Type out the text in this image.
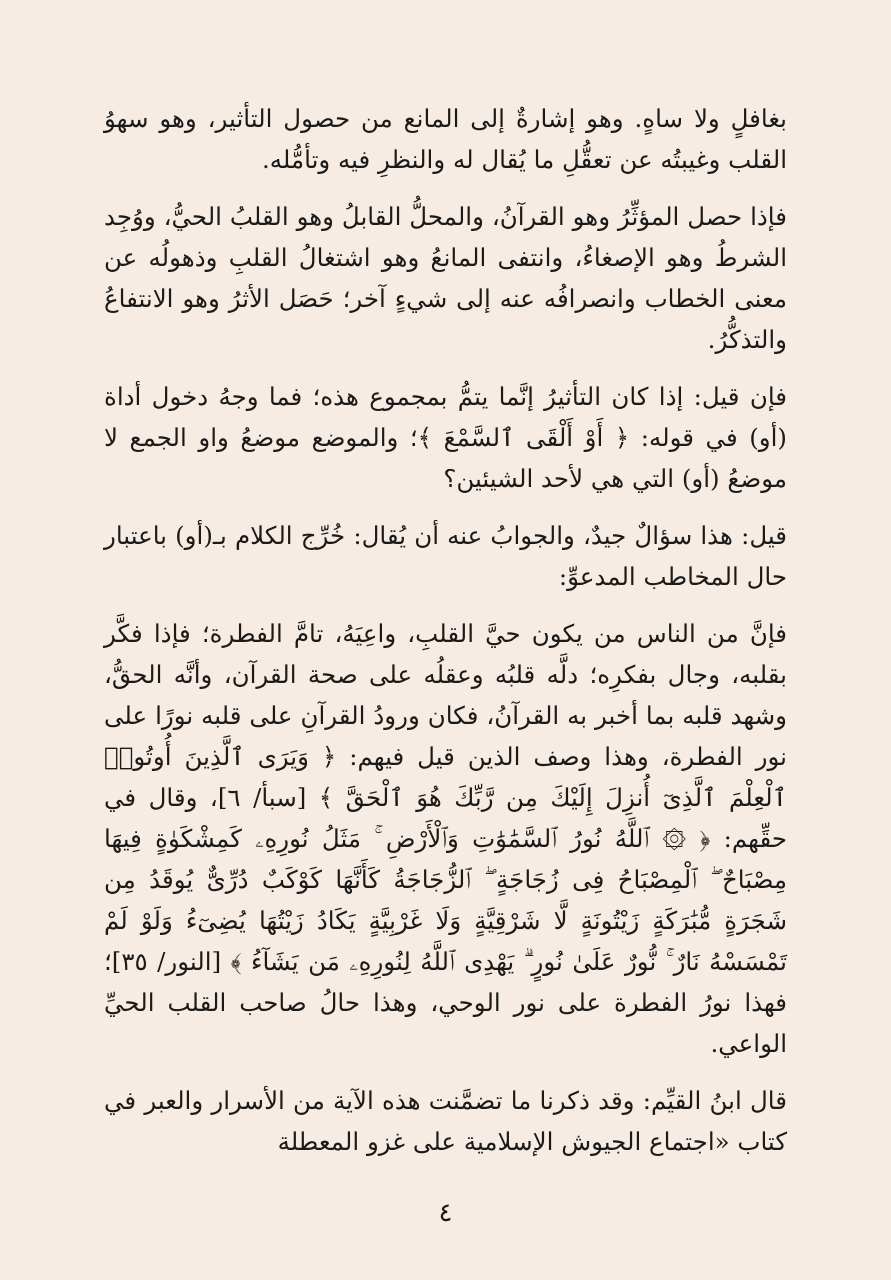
بغافلٍ ولا ساهٍ. وهو إشارةٌ إلى المانع من حصول التأثير، وهو سهوُ القلب وغيبتُه عن تعقُّلِ ما يُقال له والنظرِ فيه وتأمُّله.

فإذا حصل المؤثِّرُ وهو القرآنُ، والمحلُّ القابلُ وهو القلبُ الحيُّ، ووُجِد الشرطُ وهو الإصغاءُ، وانتفى المانعُ وهو اشتغالُ القلبِ وذهولُه عن معنى الخطاب وانصرافُه عنه إلى شيءٍ آخر؛ حَصَل الأثرُ وهو الانتفاعُ والتذكُّرُ.

فإن قيل: إذا كان التأثيرُ إنَّما يتمُّ بمجموع هذه؛ فما وجهُ دخول أداة (أو) في قوله: ﴿ أَوْ أَلْقَى ٱلسَّمْعَ ﴾؛ والموضع موضعُ واو الجمع لا موضعُ (أو) التي هي لأحد الشيئين؟

قيل: هذا سؤالٌ جيدٌ، والجوابُ عنه أن يُقال: خُرِّج الكلام بـ(أو) باعتبار حال المخاطب المدعوِّ:

فإنَّ من الناس من يكون حيَّ القلبِ، واعِيَهُ، تامَّ الفطرة؛ فإذا فكَّر بقلبه، وجال بفكرِه؛ دلَّه قلبُه وعقلُه على صحة القرآن، وأنَّه الحقُّ، وشهد قلبه بما أخبر به القرآنُ، فكان ورودُ القرآنِ على قلبه نورًا على نور الفطرة، وهذا وصف الذين قيل فيهم: ﴿ وَيَرَى ٱلَّذِينَ أُوتُوا۟ ٱلْعِلْمَ ٱلَّذِىٓ أُنزِلَ إِلَيْكَ مِن رَّبِّكَ هُوَ ٱلْحَقَّ ﴾ [سبأ/ ٦]، وقال في حقِّهم: ﴿ ۞ ٱللَّهُ نُورُ ٱلسَّمَٰوَٰتِ وَٱلْأَرْضِ ۚ مَثَلُ نُورِهِۦ كَمِشْكَوٰةٍ فِيهَا مِصْبَاحٌ ۖ ٱلْمِصْبَاحُ فِى زُجَاجَةٍ ۖ ٱلزُّجَاجَةُ كَأَنَّهَا كَوْكَبٌ دُرِّىٌّ يُوقَدُ مِن شَجَرَةٍ مُّبَٰرَكَةٍ زَيْتُونَةٍ لَّا شَرْقِيَّةٍ وَلَا غَرْبِيَّةٍ يَكَادُ زَيْتُهَا يُضِىٓءُ وَلَوْ لَمْ تَمْسَسْهُ نَارٌ ۚ نُّورٌ عَلَىٰ نُورٍ ۗ يَهْدِى ٱللَّهُ لِنُورِهِۦ مَن يَشَآءُ ﴾ [النور/ ٣٥]؛ فهذا نورُ الفطرة على نور الوحي، وهذا حالُ صاحب القلب الحيِّ الواعي.

قال ابنُ القيِّم: وقد ذكرنا ما تضمَّنت هذه الآية من الأسرار والعبر في كتاب «اجتماع الجيوش الإسلامية على غزو المعطلة

٤
